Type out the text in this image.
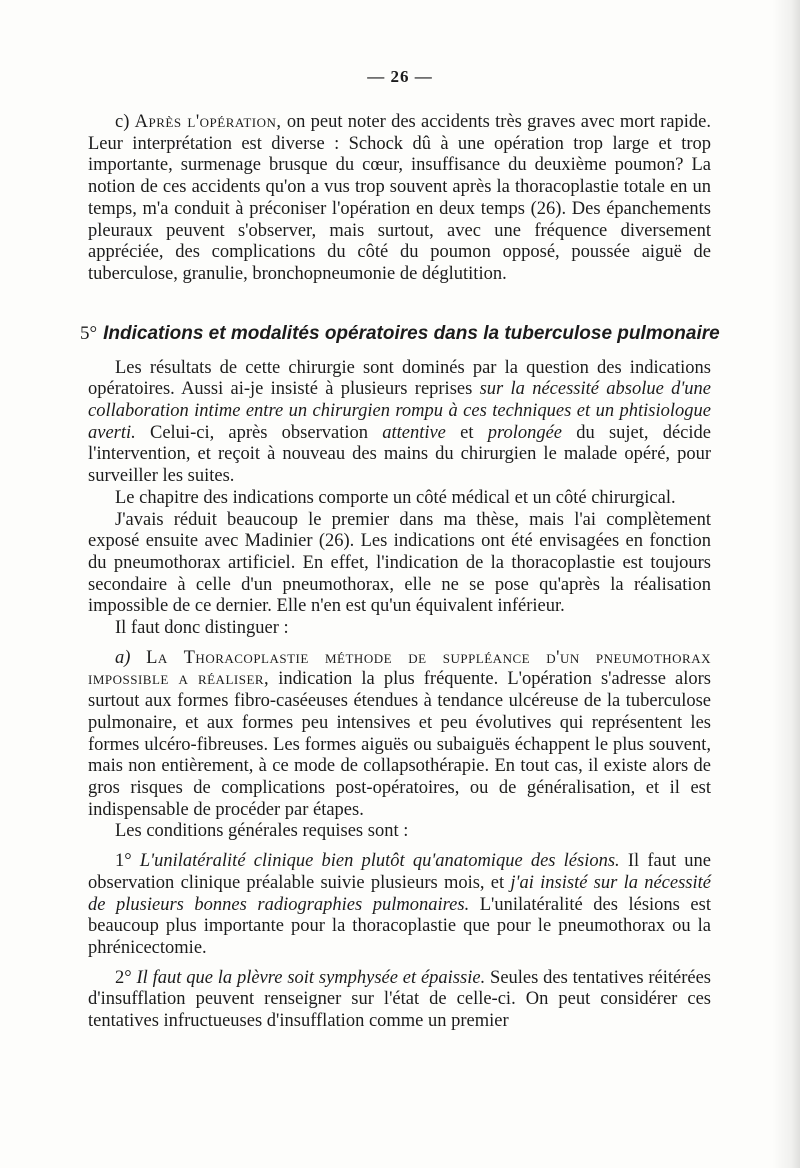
— 26 —

c) Après l'opération, on peut noter des accidents très graves avec mort rapide. Leur interprétation est diverse : Schock dû à une opération trop large et trop importante, surmenage brusque du cœur, insuffisance du deuxième poumon? La notion de ces accidents qu'on a vus trop souvent après la thoracoplastie totale en un temps, m'a conduit à préconiser l'opération en deux temps (26). Des épanchements pleuraux peuvent s'observer, mais surtout, avec une fréquence diversement appréciée, des complications du côté du poumon opposé, poussée aiguë de tuberculose, granulie, bronchopneumonie de déglutition.

5° Indications et modalités opératoires dans la tuberculose pulmonaire

Les résultats de cette chirurgie sont dominés par la question des indications opératoires. Aussi ai-je insisté à plusieurs reprises sur la nécessité absolue d'une collaboration intime entre un chirurgien rompu à ces techniques et un phtisiologue averti. Celui-ci, après observation attentive et prolongée du sujet, décide l'intervention, et reçoit à nouveau des mains du chirurgien le malade opéré, pour surveiller les suites.

Le chapitre des indications comporte un côté médical et un côté chirurgical.

J'avais réduit beaucoup le premier dans ma thèse, mais l'ai complètement exposé ensuite avec Madinier (26). Les indications ont été envisagées en fonction du pneumothorax artificiel. En effet, l'indication de la thoracoplastie est toujours secondaire à celle d'un pneumothorax, elle ne se pose qu'après la réalisation impossible de ce dernier. Elle n'en est qu'un équivalent inférieur.

Il faut donc distinguer :

a) La Thoracoplastie méthode de suppléance d'un pneumothorax impossible a réaliser, indication la plus fréquente. L'opération s'adresse alors surtout aux formes fibro-caséeuses étendues à tendance ulcéreuse de la tuberculose pulmonaire, et aux formes peu intensives et peu évolutives qui représentent les formes ulcéro-fibreuses. Les formes aiguës ou subaiguës échappent le plus souvent, mais non entièrement, à ce mode de collapsothérapie. En tout cas, il existe alors de gros risques de complications post-opératoires, ou de généralisation, et il est indispensable de procéder par étapes.

Les conditions générales requises sont :

1° L'unilatéralité clinique bien plutôt qu'anatomique des lésions. Il faut une observation clinique préalable suivie plusieurs mois, et j'ai insisté sur la nécessité de plusieurs bonnes radiographies pulmonaires. L'unilatéralité des lésions est beaucoup plus importante pour la thoracoplastie que pour le pneumothorax ou la phrénicectomie.

2° Il faut que la plèvre soit symphysée et épaissie. Seules des tentatives réitérées d'insufflation peuvent renseigner sur l'état de celle-ci. On peut considérer ces tentatives infructueuses d'insufflation comme un premier
